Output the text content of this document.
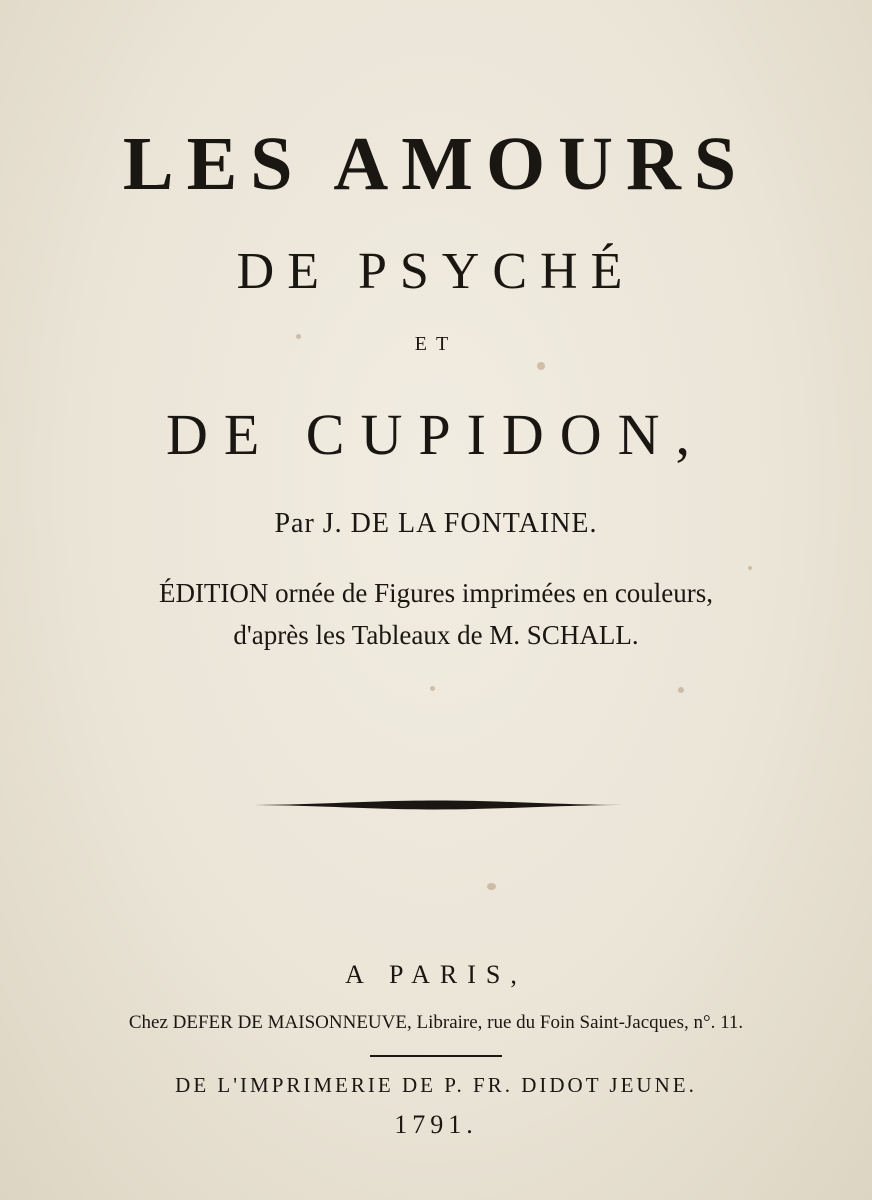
LES AMOURS
DE PSYCHÉ
ET
DE CUPIDON,
Par J. DE LA FONTAINE.
ÉDITION ornée de Figures imprimées en couleurs,
d'après les Tableaux de M. SCHALL.
A PARIS,
Chez DEFER DE MAISONNEUVE, Libraire, rue du Foin Saint-Jacques, n°. 11.
DE L'IMPRIMERIE DE P. FR. DIDOT JEUNE.
1791.
